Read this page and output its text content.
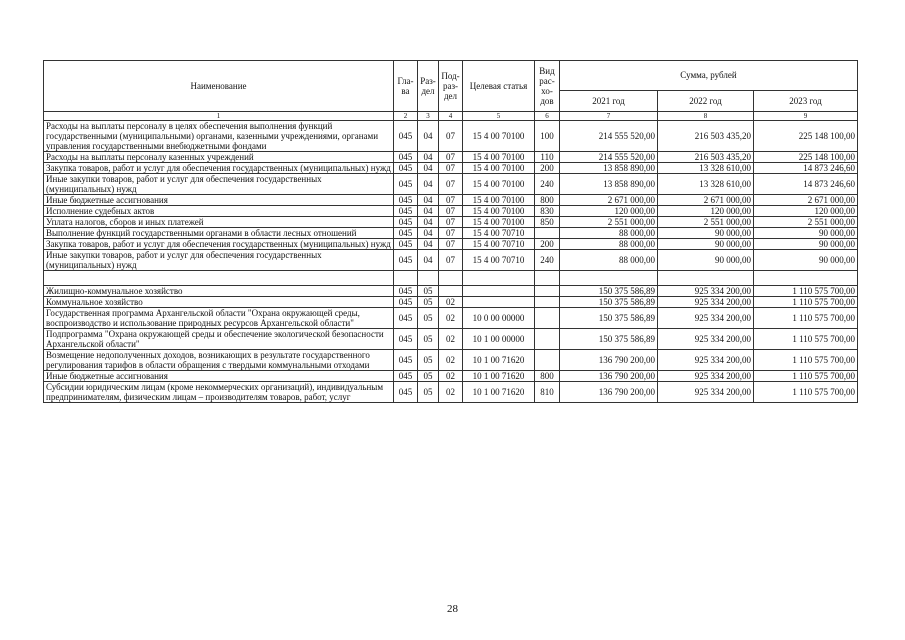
Наименование	Гла-ва	Раз-дел	Под-раз-дел	Целевая статья	Вид рас-хо-дов	Сумма, рублей		
						2021 год	2022 год	2023 год
1	2	3	4	5	6	7	8	9
Расходы на выплаты персоналу в целях обеспечения выполнения функций государственными (муниципальными) органами, казенными учреждениями, органами управления государственными внебюджетными фондами	045	04	07	15 4 00 70100	100	214 555 520,00	216 503 435,20	225 148 100,00
Расходы на выплаты персоналу казенных учреждений	045	04	07	15 4 00 70100	110	214 555 520,00	216 503 435,20	225 148 100,00
Закупка товаров, работ и услуг для обеспечения государственных (муниципальных) нужд	045	04	07	15 4 00 70100	200	13 858 890,00	13 328 610,00	14 873 246,60
Иные закупки товаров, работ и услуг для обеспечения государственных (муниципальных) нужд	045	04	07	15 4 00 70100	240	13 858 890,00	13 328 610,00	14 873 246,60
Иные бюджетные ассигнования	045	04	07	15 4 00 70100	800	2 671 000,00	2 671 000,00	2 671 000,00
Исполнение судебных актов	045	04	07	15 4 00 70100	830	120 000,00	120 000,00	120 000,00
Уплата налогов, сборов и иных платежей	045	04	07	15 4 00 70100	850	2 551 000,00	2 551 000,00	2 551 000,00
Выполнение функций государственными органами в области лесных отношений	045	04	07	15 4 00 70710		88 000,00	90 000,00	90 000,00
Закупка товаров, работ и услуг для обеспечения государственных (муниципальных) нужд	045	04	07	15 4 00 70710	200	88 000,00	90 000,00	90 000,00
Иные закупки товаров, работ и услуг для обеспечения государственных (муниципальных) нужд	045	04	07	15 4 00 70710	240	88 000,00	90 000,00	90 000,00

Жилищно-коммунальное хозяйство	045	05				150 375 586,89	925 334 200,00	1 110 575 700,00
Коммунальное хозяйство	045	05	02			150 375 586,89	925 334 200,00	1 110 575 700,00
Государственная программа Архангельской области "Охрана окружающей среды, воспроизводство и использование природных ресурсов Архангельской области"	045	05	02	10 0 00 00000		150 375 586,89	925 334 200,00	1 110 575 700,00
Подпрограмма "Охрана окружающей среды и обеспечение экологической безопасности Архангельской области"	045	05	02	10 1 00 00000		150 375 586,89	925 334 200,00	1 110 575 700,00
Возмещение недополученных доходов, возникающих в результате государственного регулирования тарифов в области обращения с твердыми коммунальными отходами	045	05	02	10 1 00 71620		136 790 200,00	925 334 200,00	1 110 575 700,00
Иные бюджетные ассигнования	045	05	02	10 1 00 71620	800	136 790 200,00	925 334 200,00	1 110 575 700,00
Субсидии юридическим лицам (кроме некоммерческих организаций), индивидуальным предпринимателям, физическим лицам – производителям товаров, работ, услуг	045	05	02	10 1 00 71620	810	136 790 200,00	925 334 200,00	1 110 575 700,00
28
